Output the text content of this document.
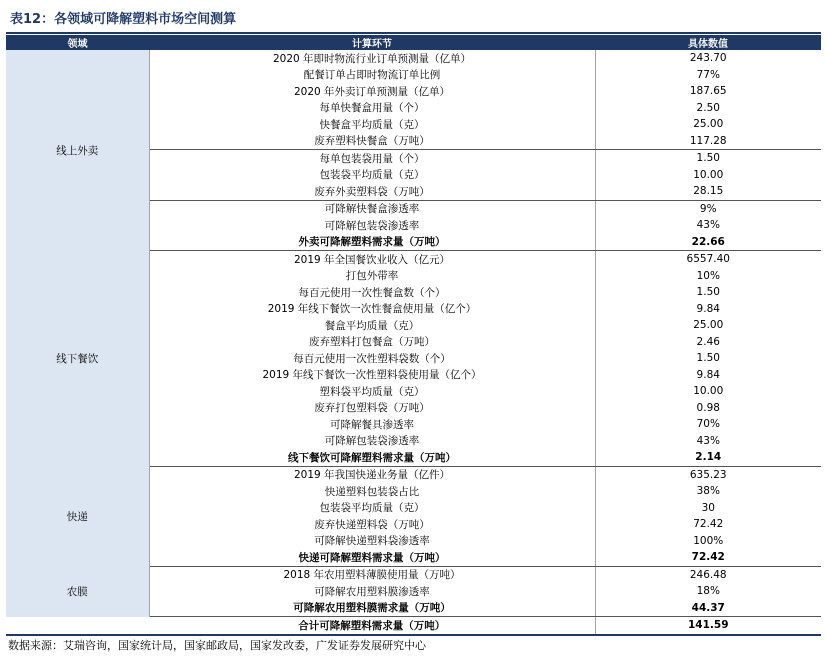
表12：各领域可降解塑料市场空间测算
领域	计算环节	具体数值
线上外卖	2020 年即时物流行业订单预测量（亿单）	243.70
	配餐订单占即时物流订单比例	77%
	2020 年外卖订单预测量（亿单）	187.65
	每单快餐盒用量（个）	2.50
	快餐盒平均质量（克）	25.00
	废弃塑料快餐盒（万吨）	117.28
	每单包装袋用量（个）	1.50
	包装袋平均质量（克）	10.00
	废弃外卖塑料袋（万吨）	28.15
	可降解快餐盒渗透率	9%
	可降解包装袋渗透率	43%
	外卖可降解塑料需求量（万吨）	22.66
线下餐饮	2019 年全国餐饮业收入（亿元）	6557.40
	打包外带率	10%
	每百元使用一次性餐盒数（个）	1.50
	2019 年线下餐饮一次性餐盒使用量（亿个）	9.84
	餐盒平均质量（克）	25.00
	废弃塑料打包餐盒（万吨）	2.46
	每百元使用一次性塑料袋数（个）	1.50
	2019 年线下餐饮一次性塑料袋使用量（亿个）	9.84
	塑料袋平均质量（克）	10.00
	废弃打包塑料袋（万吨）	0.98
	可降解餐具渗透率	70%
	可降解包装袋渗透率	43%
	线下餐饮可降解塑料需求量（万吨）	2.14
快递	2019 年我国快递业务量（亿件）	635.23
	快递塑料包装袋占比	38%
	包装袋平均质量（克）	30
	废弃快递塑料袋（万吨）	72.42
	可降解快递塑料袋渗透率	100%
	快递可降解塑料需求量（万吨）	72.42
农膜	2018 年农用塑料薄膜使用量（万吨）	246.48
	可降解农用塑料膜渗透率	18%
	可降解农用塑料膜需求量（万吨）	44.37
	合计可降解塑料需求量（万吨）	141.59
数据来源：艾瑞咨询，国家统计局，国家邮政局，国家发改委，广发证券发展研究中心
